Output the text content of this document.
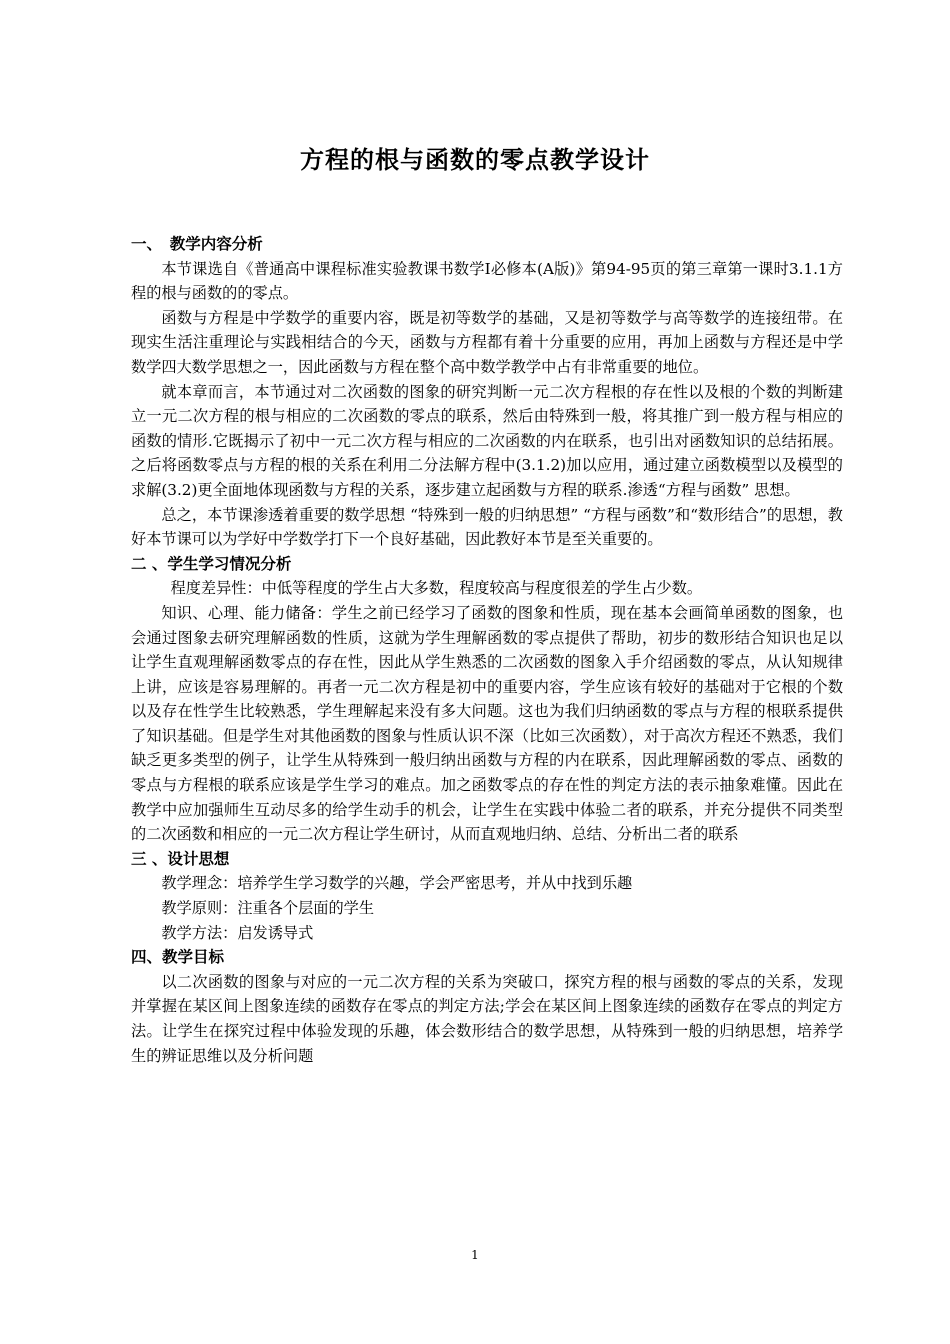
方程的根与函数的零点教学设计
一、　教学内容分析

本节课选自《普通高中课程标准实验教课书数学Ⅰ必修本(A版)》第94-95页的第三章第一课时3.1.1方程的根与函数的的零点。

函数与方程是中学数学的重要内容，既是初等数学的基础，又是初等数学与高等数学的连接纽带。在现实生活注重理论与实践相结合的今天，函数与方程都有着十分重要的应用，再加上函数与方程还是中学数学四大数学思想之一，因此函数与方程在整个高中数学教学中占有非常重要的地位。

就本章而言，本节通过对二次函数的图象的研究判断一元二次方程根的存在性以及根的个数的判断建立一元二次方程的根与相应的二次函数的零点的联系，然后由特殊到一般，将其推广到一般方程与相应的函数的情形.它既揭示了初中一元二次方程与相应的二次函数的内在联系，也引出对函数知识的总结拓展。之后将函数零点与方程的根的关系在利用二分法解方程中(3.1.2)加以应用，通过建立函数模型以及模型的求解(3.2)更全面地体现函数与方程的关系，逐步建立起函数与方程的联系.渗透“方程与函数” 思想。

总之，本节课渗透着重要的数学思想 “特殊到一般的归纳思想” “方程与函数”和“数形结合”的思想，教好本节课可以为学好中学数学打下一个良好基础，因此教好本节是至关重要的。

二 、学生学习情况分析

程度差异性：中低等程度的学生占大多数，程度较高与程度很差的学生占少数。

知识、心理、能力储备：学生之前已经学习了函数的图象和性质，现在基本会画简单函数的图象，也会通过图象去研究理解函数的性质，这就为学生理解函数的零点提供了帮助，初步的数形结合知识也足以让学生直观理解函数零点的存在性，因此从学生熟悉的二次函数的图象入手介绍函数的零点，从认知规律上讲，应该是容易理解的。再者一元二次方程是初中的重要内容，学生应该有较好的基础对于它根的个数以及存在性学生比较熟悉，学生理解起来没有多大问题。这也为我们归纳函数的零点与方程的根联系提供了知识基础。但是学生对其他函数的图象与性质认识不深（比如三次函数），对于高次方程还不熟悉，我们缺乏更多类型的例子，让学生从特殊到一般归纳出函数与方程的内在联系，因此理解函数的零点、函数的零点与方程根的联系应该是学生学习的难点。加之函数零点的存在性的判定方法的表示抽象难懂。因此在教学中应加强师生互动尽多的给学生动手的机会，让学生在实践中体验二者的联系，并充分提供不同类型的二次函数和相应的一元二次方程让学生研讨，从而直观地归纳、总结、分析出二者的联系

三 、设计思想

教学理念：培养学生学习数学的兴趣，学会严密思考，并从中找到乐趣

教学原则：注重各个层面的学生

教学方法：启发诱导式

四、教学目标

以二次函数的图象与对应的一元二次方程的关系为突破口，探究方程的根与函数的零点的关系，发现并掌握在某区间上图象连续的函数存在零点的判定方法;学会在某区间上图象连续的函数存在零点的判定方法。让学生在探究过程中体验发现的乐趣，体会数形结合的数学思想，从特殊到一般的归纳思想，培养学生的辨证思维以及分析问题

1
